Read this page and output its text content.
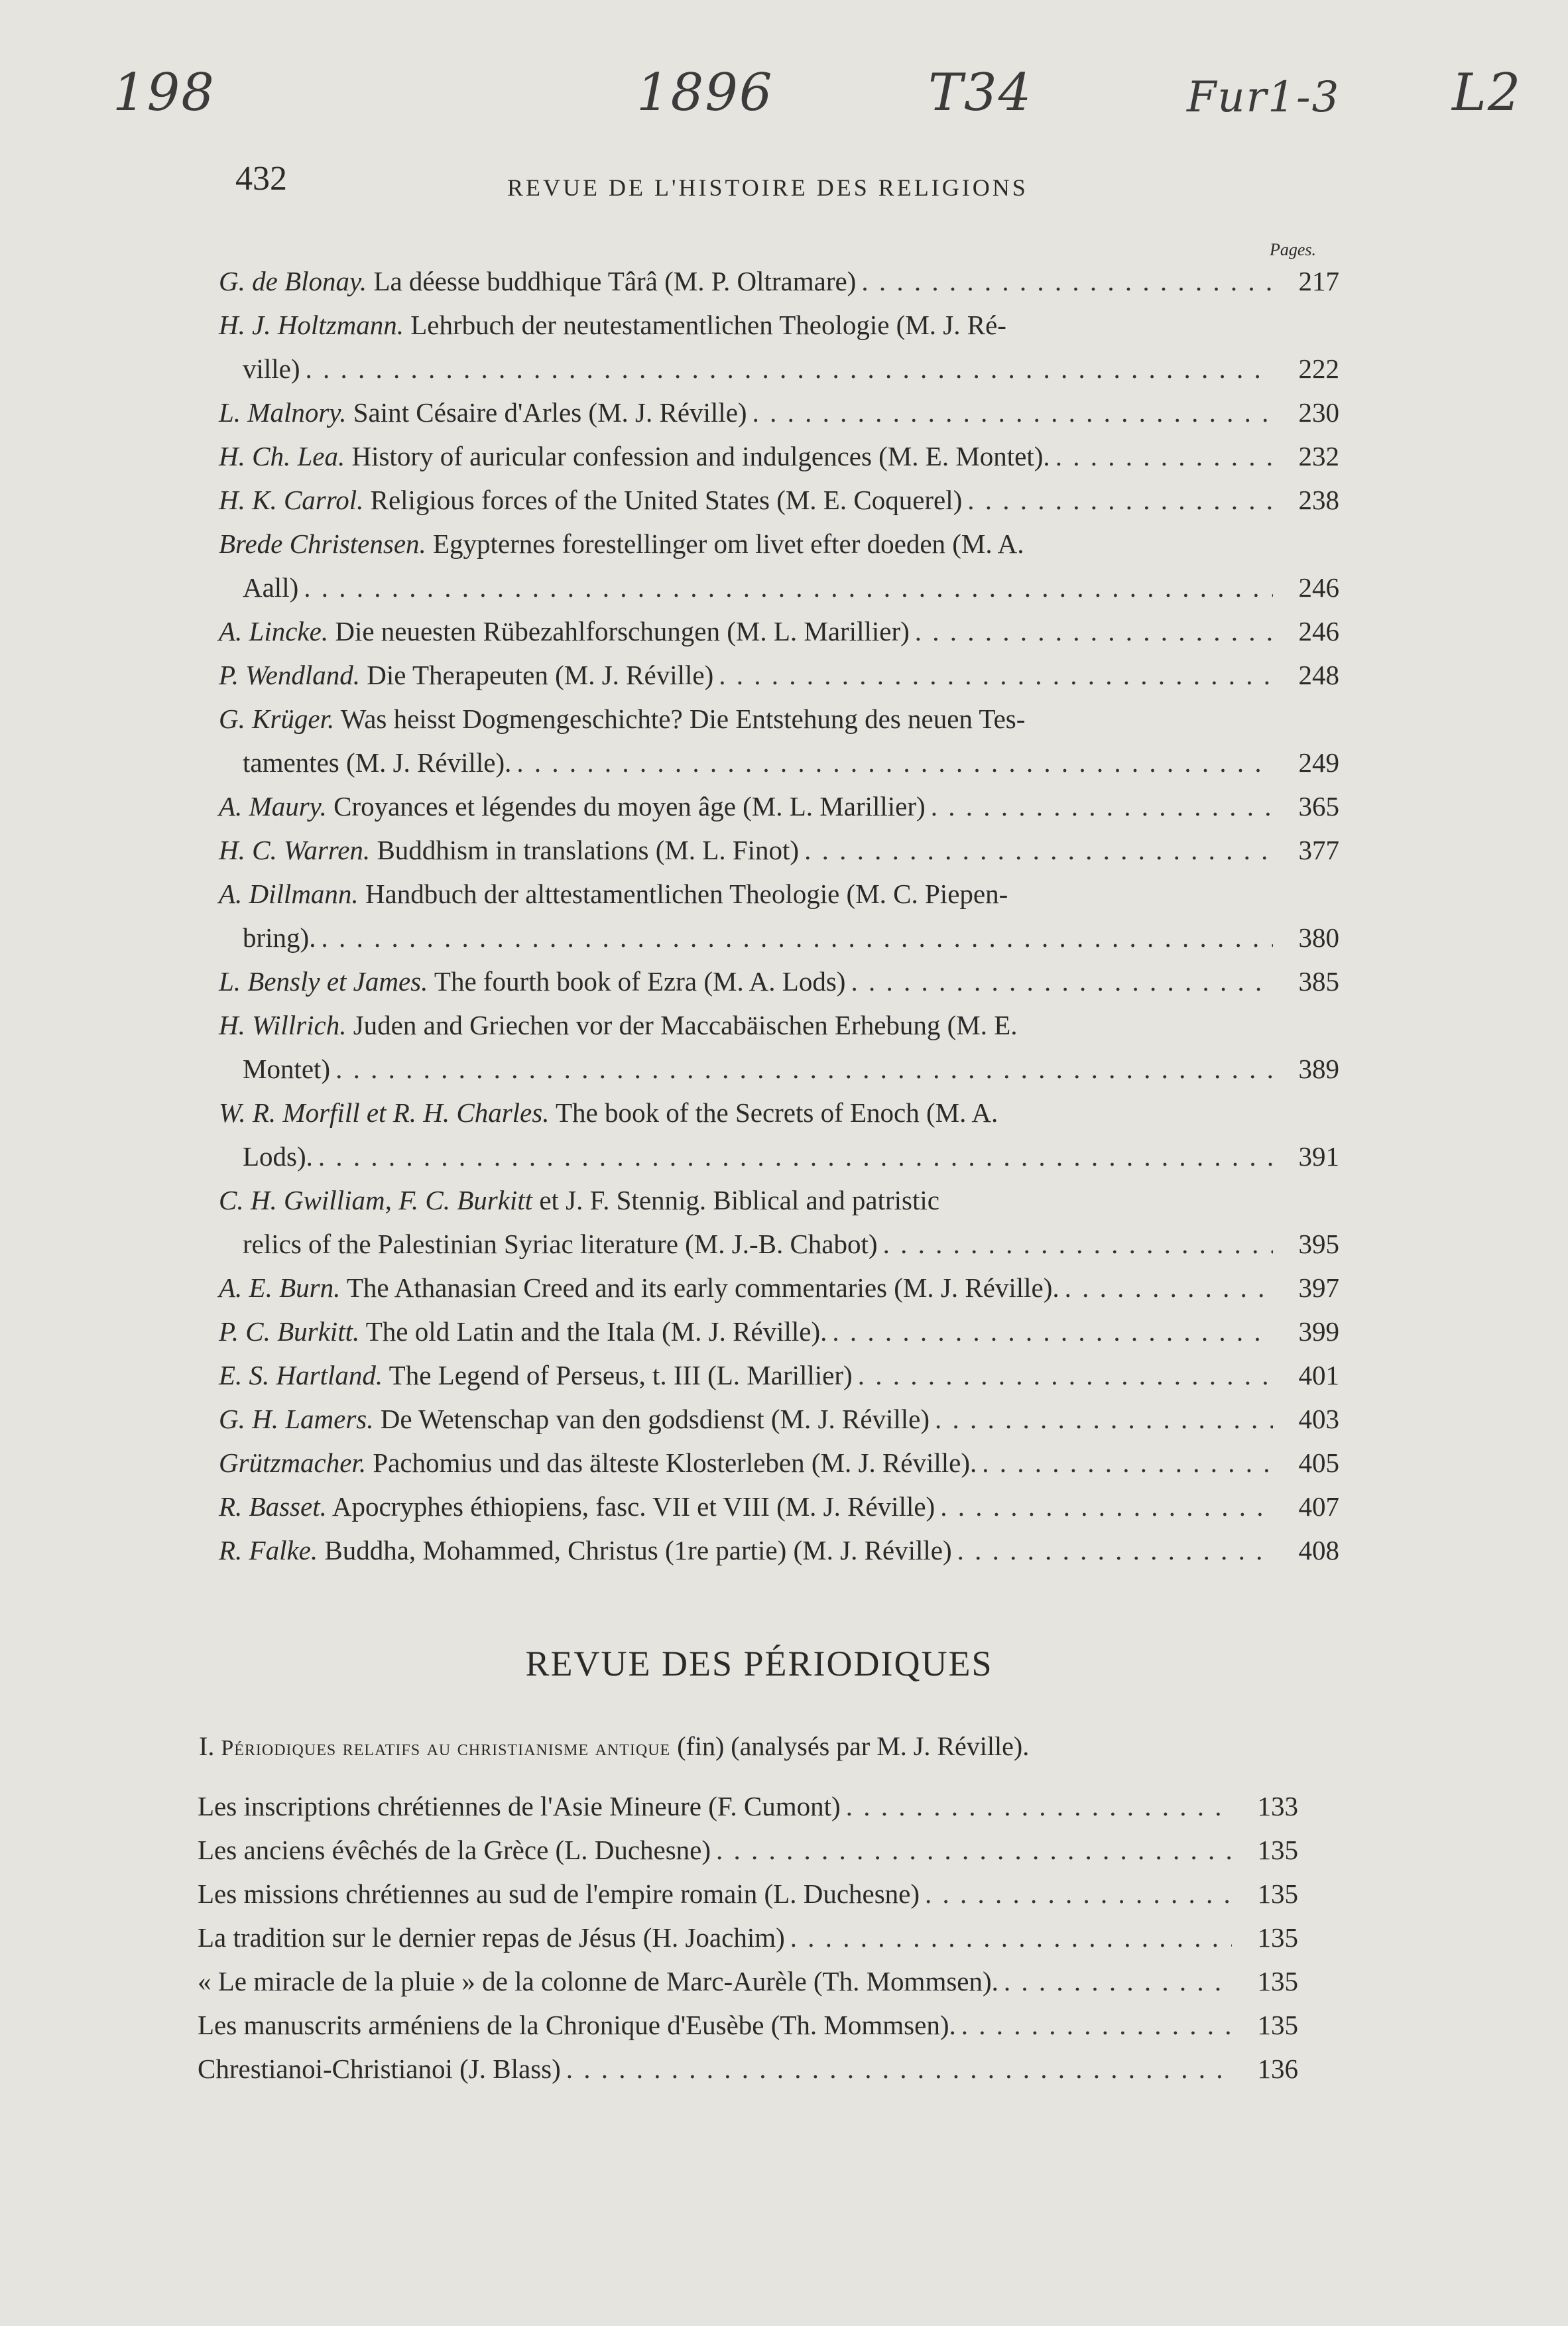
198	1896	T34	Fur1-3 L2
432	REVUE DE L'HISTOIRE DES RELIGIONS
Pages.
G. de Blonay. La déesse buddhique Târâ (M. P. Oltramare) . . .	217
H. J. Holtzmann. Lehrbuch der neutestamentlichen Theologie (M. J. Ré-
ville) . . .	222
L. Malnory. Saint Césaire d'Arles (M. J. Réville) . . .	230
H. Ch. Lea. History of auricular confession and indulgences (M. E. Montet). . . .	232
H. K. Carrol. Religious forces of the United States (M. E. Coquerel) . . .	238
Brede Christensen. Egypternes forestellinger om livet efter doeden (M. A.
Aall) . . .	246
A. Lincke. Die neuesten Rübezahlforschungen (M. L. Marillier) . . .	246
P. Wendland. Die Therapeuten (M. J. Réville) . . .	248
G. Krüger. Was heisst Dogmengeschichte? Die Entstehung des neuen Tes-
tamentes (M. J. Réville). . . .	249
A. Maury. Croyances et légendes du moyen âge (M. L. Marillier) . . .	365
H. C. Warren. Buddhism in translations (M. L. Finot) . . .	377
A. Dillmann. Handbuch der alttestamentlichen Theologie (M. C. Piepen-
bring). . . .	380
L. Bensly et James. The fourth book of Ezra (M. A. Lods) . . .	385
H. Willrich. Juden and Griechen vor der Maccabäischen Erhebung (M. E.
Montet) . . .	389
W. R. Morfill et R. H. Charles. The book of the Secrets of Enoch (M. A.
Lods). . . .	391
C. H. Gwilliam, F. C. Burkitt et J. F. Stennig. Biblical and patristic
relics of the Palestinian Syriac literature (M. J.-B. Chabot) . . .	395
A. E. Burn. The Athanasian Creed and its early commentaries (M. J. Réville). . . .	397
P. C. Burkitt. The old Latin and the Itala (M. J. Réville). . . .	399
E. S. Hartland. The Legend of Perseus, t. III (L. Marillier) . . .	401
G. H. Lamers. De Wetenschap van den godsdienst (M. J. Réville) . . .	403
Grützmacher. Pachomius und das älteste Klosterleben (M. J. Réville). . . .	405
R. Basset. Apocryphes éthiopiens, fasc. VII et VIII (M. J. Réville) . . .	407
R. Falke. Buddha, Mohammed, Christus (1re partie) (M. J. Réville) . . .	408
REVUE DES PÉRIODIQUES
I. Périodiques relatifs au christianisme antique (fin) (analysés par M. J. Réville).
Les inscriptions chrétiennes de l'Asie Mineure (F. Cumont) . . .	133
Les anciens évêchés de la Grèce (L. Duchesne) . . .	135
Les missions chrétiennes au sud de l'empire romain (L. Duchesne) . . .	135
La tradition sur le dernier repas de Jésus (H. Joachim) . . .	135
« Le miracle de la pluie » de la colonne de Marc-Aurèle (Th. Mommsen). . . .	135
Les manuscrits arméniens de la Chronique d'Eusèbe (Th. Mommsen). . . .	135
Chrestianoi-Christianoi (J. Blass) . . .	136
